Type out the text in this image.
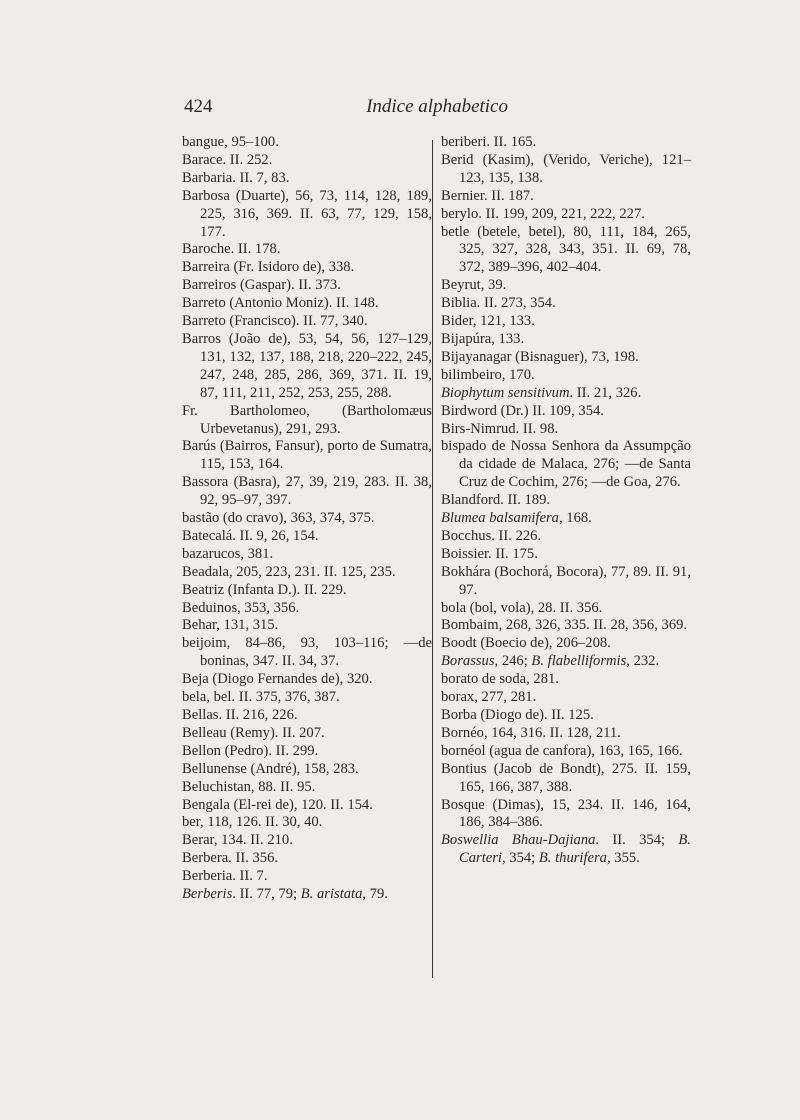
424	Indice alphabetico

bangue, 95–100.

Barace. II. 252.

Barbaria. II. 7, 83.

Barbosa (Duarte), 56, 73, 114, 128, 189, 225, 316, 369. II. 63, 77, 129, 158, 177.

Baroche. II. 178.

Barreira (Fr. Isidoro de), 338.

Barreiros (Gaspar). II. 373.

Barreto (Antonio Moniz). II. 148.

Barreto (Francisco). II. 77, 340.

Barros (João de), 53, 54, 56, 127–129, 131, 132, 137, 188, 218, 220–222, 245, 247, 248, 285, 286, 369, 371. II. 19, 87, 111, 211, 252, 253, 255, 288.

Fr. Bartholomeo, (Bartholomæus Urbevetanus), 291, 293.

Barús (Bairros, Fansur), porto de Sumatra, 115, 153, 164.

Bassora (Basra), 27, 39, 219, 283. II. 38, 92, 95–97, 397.

bastão (do cravo), 363, 374, 375.

Batecalá. II. 9, 26, 154.

bazarucos, 381.

Beadala, 205, 223, 231. II. 125, 235.

Beatriz (Infanta D.). II. 229.

Beduinos, 353, 356.

Behar, 131, 315.

beijoim, 84–86, 93, 103–116; —de boninas, 347. II. 34, 37.

Beja (Diogo Fernandes de), 320.

bela, bel. II. 375, 376, 387.

Bellas. II. 216, 226.

Belleau (Remy). II. 207.

Bellon (Pedro). II. 299.

Bellunense (André), 158, 283.

Beluchistan, 88. II. 95.

Bengala (El-rei de), 120. II. 154.

ber, 118, 126. II. 30, 40.

Berar, 134. II. 210.

Berbera. II. 356.

Berberia. II. 7.

Berberis. II. 77, 79; B. aristata, 79.

beriberi. II. 165.

Berid (Kasim), (Verido, Veriche), 121–123, 135, 138.

Bernier. II. 187.

berylo. II. 199, 209, 221, 222, 227.

betle (betele, betel), 80, 111, 184, 265, 325, 327, 328, 343, 351. II. 69, 78, 372, 389–396, 402–404.

Beyrut, 39.

Biblia. II. 273, 354.

Bider, 121, 133.

Bijapúra, 133.

Bijayanagar (Bisnaguer), 73, 198.

bilimbeiro, 170.

Biophytum sensitivum. II. 21, 326.

Birdword (Dr.) II. 109, 354.

Birs-Nimrud. II. 98.

bispado de Nossa Senhora da Assumpção da cidade de Malaca, 276; —de Santa Cruz de Cochim, 276; —de Goa, 276.

Blandford. II. 189.

Blumea balsamifera, 168.

Bocchus. II. 226.

Boissier. II. 175.

Bokhára (Bochorá, Bocora), 77, 89. II. 91, 97.

bola (bol, vola), 28. II. 356.

Bombaim, 268, 326, 335. II. 28, 356, 369.

Boodt (Boecio de), 206–208.

Borassus, 246; B. flabelliformis, 232.

borato de soda, 281.

borax, 277, 281.

Borba (Diogo de). II. 125.

Bornéo, 164, 316. II. 128, 211.

bornéol (agua de canfora), 163, 165, 166.

Bontius (Jacob de Bondt), 275. II. 159, 165, 166, 387, 388.

Bosque (Dimas), 15, 234. II. 146, 164, 186, 384–386.

Boswellia Bhau-Dajiana. II. 354; B. Carteri, 354; B. thurifera, 355.
